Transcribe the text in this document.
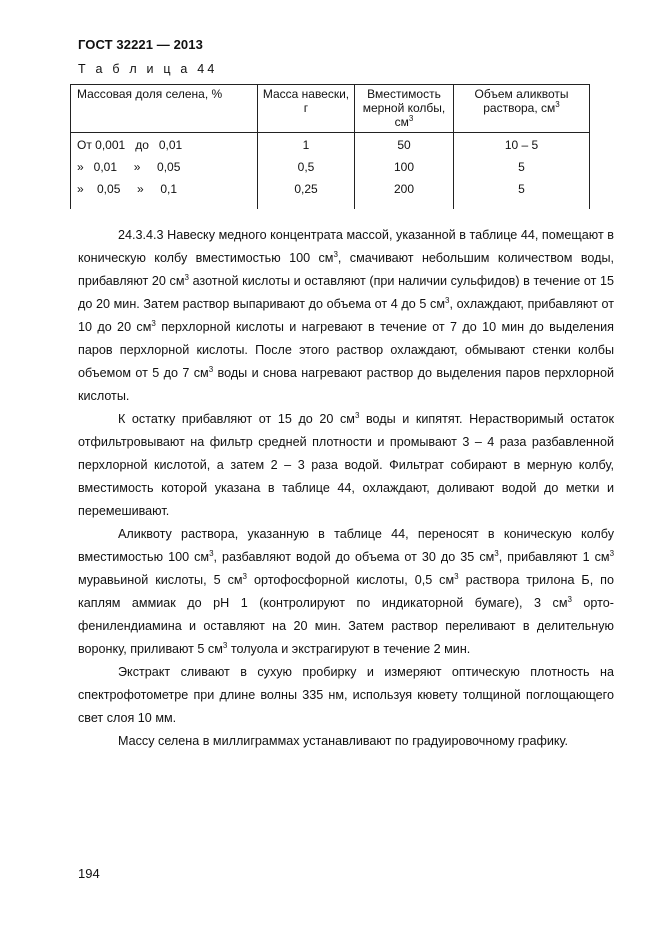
ГОСТ 32221 — 2013
Т а б л и ц а 44
Массовая доля селена, %	Масса навески, г	Вместимость мерной колбы, $см^3$	Объем аликвоты раствора, $см^3$
От 0,001   до   0,01	1	50	10 – 5
»   0,01     »     0,05	0,5	100	5
»    0,05     »     0,1	0,25	200	5

24.3.4.3 Навеску медного концентрата массой, указанной в таблице 44, помещают в коническую колбу вместимостью 100 $см^3$, смачивают небольшим количеством воды, прибавляют 20 $см^3$ азотной кислоты и оставляют (при наличии сульфидов) в течение от 15 до 20 мин. Затем раствор выпаривают до объема от 4 до 5 $см^3$, охлаждают, прибавляют от 10 до 20 $см^3$ перхлорной кислоты и нагревают в течение от 7 до 10 мин до выделения паров перхлорной кислоты. После этого раствор охлаждают, обмывают стенки колбы объемом от 5 до 7 $см^3$ воды и снова нагревают раствор до выделения паров перхлорной кислоты.

К остатку прибавляют от 15 до 20 $см^3$ воды и кипятят. Нерастворимый остаток отфильтровывают на фильтр средней плотности и промывают 3 – 4 раза разбавленной перхлорной кислотой, а затем 2 – 3 раза водой. Фильтрат собирают в мерную колбу, вместимость которой указана в таблице 44, охлаждают, доливают водой до метки и перемешивают.

Аликвоту раствора, указанную в таблице 44, переносят в коническую колбу вместимостью 100 $см^3$, разбавляют водой до объема от 30 до 35 $см^3$, прибавляют 1 $см^3$ муравьиной кислоты, 5 $см^3$ ортофосфорной кислоты, 0,5 $см^3$ раствора трилона Б, по каплям аммиак до pH 1 (контролируют по индикаторной бумаге), 3 $см^3$ орто-фенилендиамина и оставляют на 20 мин. Затем раствор переливают в делительную воронку, приливают 5 $см^3$ толуола и экстрагируют в течение 2 мин.

Экстракт сливают в сухую пробирку и измеряют оптическую плотность на спектрофотометре при длине волны 335 нм, используя кювету толщиной поглощающего свет слоя 10 мм.

Массу селена в миллиграммах устанавливают по градуировочному графику.

194
